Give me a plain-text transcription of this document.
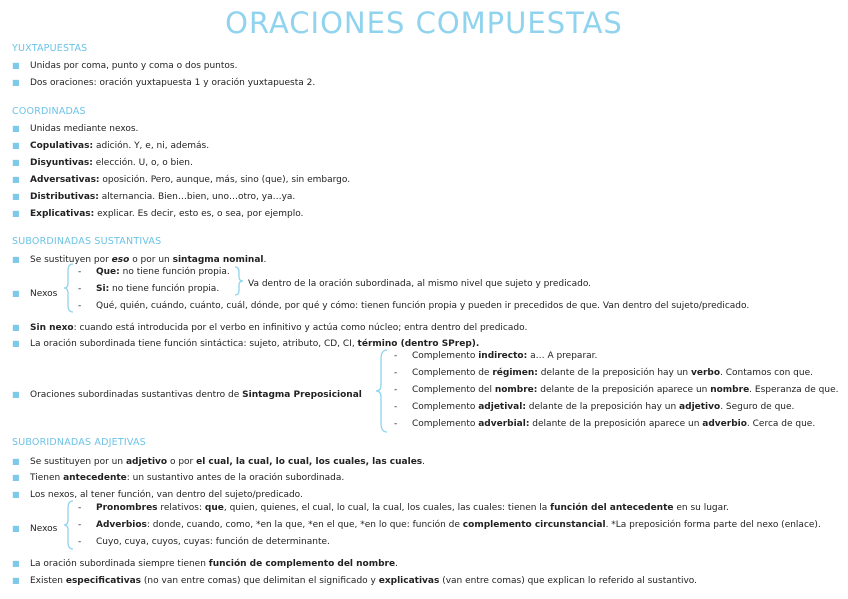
ORACIONES COMPUESTAS
YUXTAPUESTAS
■ Unidas por coma, punto y coma o dos puntos.
■ Dos oraciones: oración yuxtapuesta 1 y oración yuxtapuesta 2.
COORDINADAS
■ Unidas mediante nexos.
■ Copulativas: adición. Y, e, ni, además.
■ Disyuntivas: elección. U, o, o bien.
■ Adversativas: oposición. Pero, aunque, más, sino (que), sin embargo.
■ Distributivas: alternancia. Bien…bien, uno…otro, ya…ya.
■ Explicativas: explicar. Es decir, esto es, o sea, por ejemplo.
SUBORDINADAS SUSTANTIVAS
■ Se sustituyen por eso o por un sintagma nominal.
■ Nexos
- Que: no tiene función propia.
- Si: no tiene función propia.	Va dentro de la oración subordinada, al mismo nivel que sujeto y predicado.
- Qué, quién, cuándo, cuánto, cuál, dónde, por qué y cómo: tienen función propia y pueden ir precedidos de que. Van dentro del sujeto/predicado.
■ Sin nexo: cuando está introducida por el verbo en infinitivo y actúa como núcleo; entra dentro del predicado.
■ La oración subordinada tiene función sintáctica: sujeto, atributo, CD, CI, término (dentro SPrep).
■ Oraciones subordinadas sustantivas dentro de Sintagma Preposicional
- Complemento indirecto: a… A preparar.
- Complemento de régimen: delante de la preposición hay un verbo. Contamos con que.
- Complemento del nombre: delante de la preposición aparece un nombre. Esperanza de que.
- Complemento adjetival: delante de la preposición hay un adjetivo. Seguro de que.
- Complemento adverbial: delante de la preposición aparece un adverbio. Cerca de que.
SUBORIDNADAS ADJETIVAS
■ Se sustituyen por un adjetivo o por el cual, la cual, lo cual, los cuales, las cuales.
■ Tienen antecedente: un sustantivo antes de la oración subordinada.
■ Los nexos, al tener función, van dentro del sujeto/predicado.
■ Nexos
- Pronombres relativos: que, quien, quienes, el cual, lo cual, la cual, los cuales, las cuales: tienen la función del antecedente en su lugar.
- Adverbios: donde, cuando, como, *en la que, *en el que, *en lo que: función de complemento circunstancial. *La preposición forma parte del nexo (enlace).
- Cuyo, cuya, cuyos, cuyas: función de determinante.
■ La oración subordinada siempre tienen función de complemento del nombre.
■ Existen especificativas (no van entre comas) que delimitan el significado y explicativas (van entre comas) que explican lo referido al sustantivo.
